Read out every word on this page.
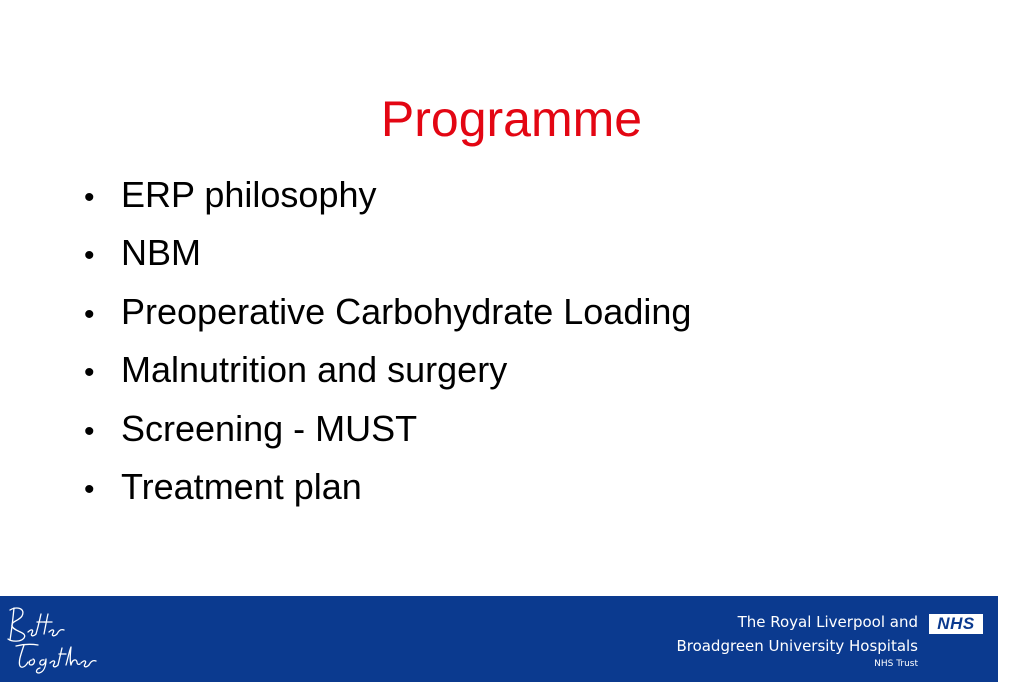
Programme
• ERP philosophy
• NBM
• Preoperative Carbohydrate Loading
• Malnutrition and surgery
• Screening - MUST
• Treatment plan
The Royal Liverpool and
Broadgreen University Hospitals
NHS Trust
NHS
